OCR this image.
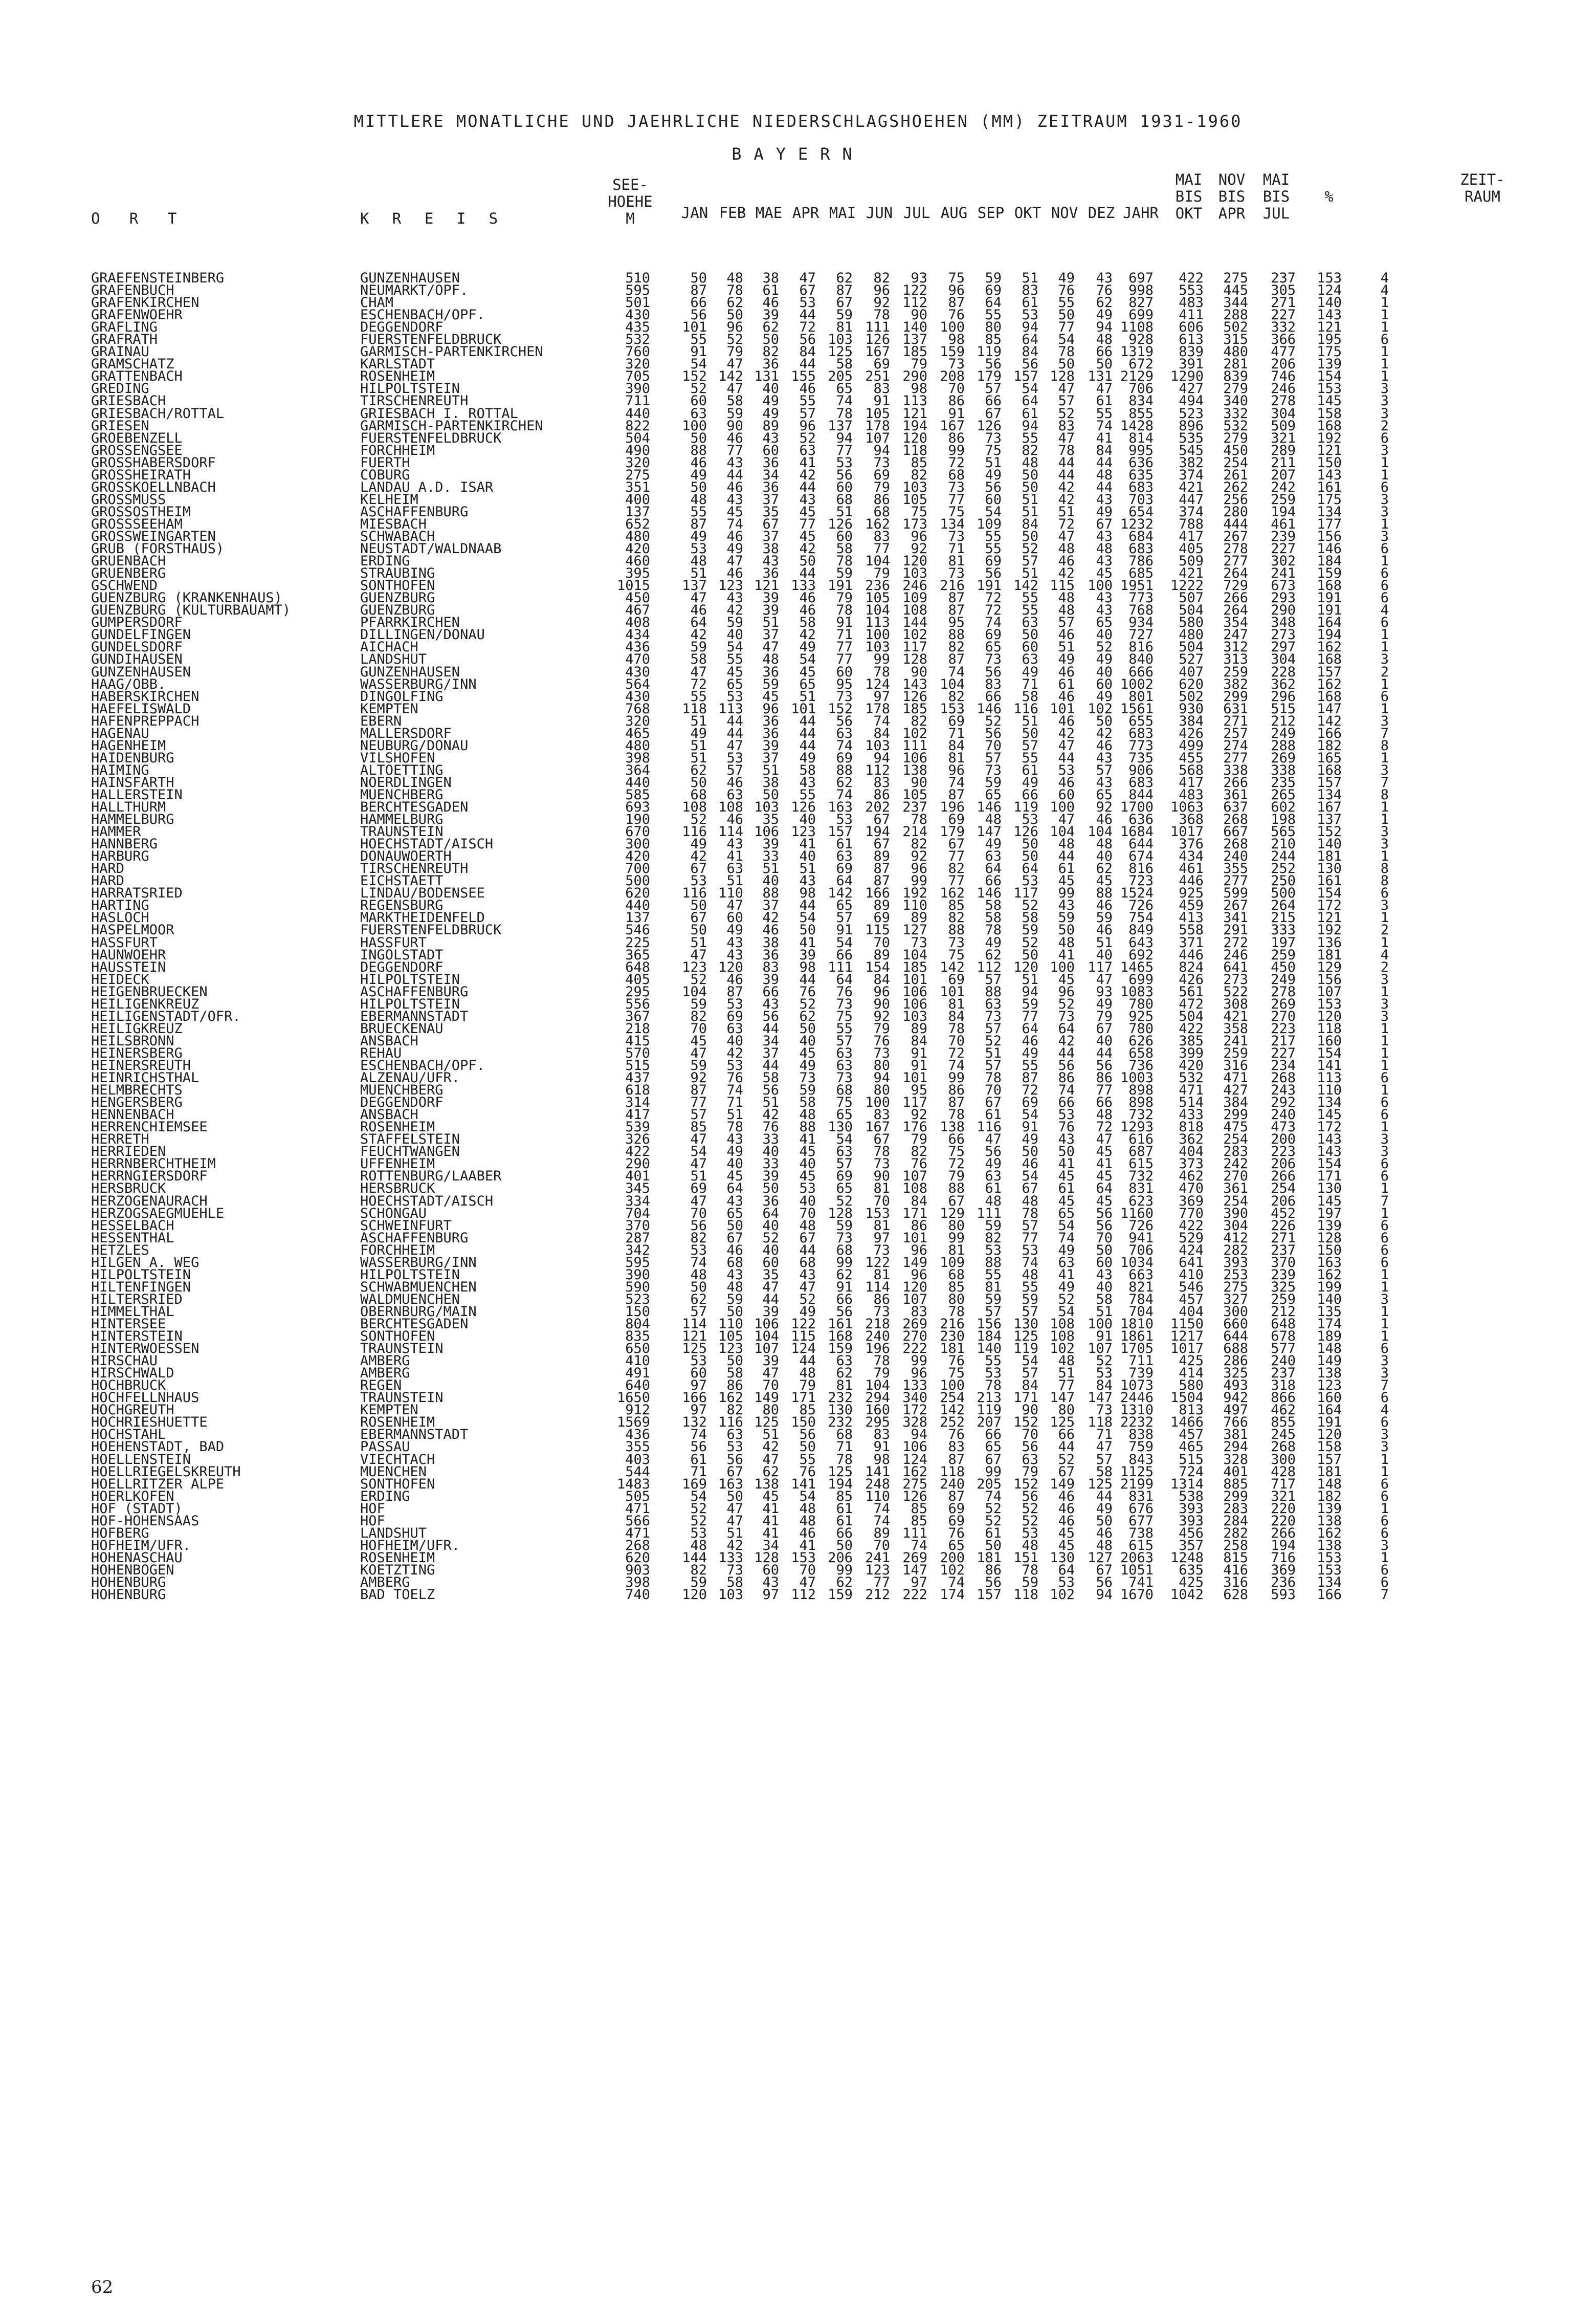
MITTLERE MONATLICHE UND JAEHRLICHE NIEDERSCHLAGSHOEHEN (MM) ZEITRAUM 1931-1960
BAYERN
O R T	K R E I S
SEE-
HOEHE
M	JAN FEB MAE APR MAI JUN JUL AUG SEP OKT NOV DEZ JAHR
MAI
BIS
OKT
NOV
BIS
APR
MAI
BIS
JUL
%
ZEIT-
RAUM
GRAEFENSTEINBERG	GUNZENHAUSEN	510	50 48 38 47 62 82 93 75 59 51 49 43 697 422 275 237 153	4
GRAFENBUCH	NEUMARKT/OPF.	595	87 78 61 67 87 96 122 96 69 83 76 76 998 553 445 305 124	4
GRAFENKIRCHEN	CHAM	501	66 62 46 53 67 92 112 87 64 61 55 62 827 483 344 271 140	1
GRAFENWOEHR	ESCHENBACH/OPF.	430	56 50 39 44 59 78 90 76 55 53 50 49 699 411 288 227 143	1
GRAFLING	DEGGENDORF	435 101 96 62 72 81 111 140 100 80 94 77 94 1108 606 502 332 121	1
GRAFRATH	FUERSTENFELDBRUCK	532	55 52 50 56 103 126 137 98 85 64 54 48 928 613 315 366 195	6
GRAINAU	GARMISCH-PARTENKIRCHEN	760	91 79 82 84 125 167 185 159 119 84 78 66 1319 839 480 477 175	1
GRAMSCHATZ	KARLSTADT	320	54 47 36 44 58 69 79 73 56 56 50 50 672 391 281 206 139	1
GRATTENBACH	ROSENHEIM	705 152 142 131 155 205 251 290 208 179 157 128 131 2129 1290 839 746 154	1
GREDING	HILPOLTSTEIN	390	52 47 40 46 65 83 98 70 57 54 47 47 706 427 279 246 153	3
GRIESBACH	TIRSCHENREUTH	711	60 58 49 55 74 91 113 86 66 64 57 61 834 494 340 278 145	3
GRIESBACH/ROTTAL	GRIESBACH I. ROTTAL	440	63 59 49 57 78 105 121 91 67 61 52 55 855 523 332 304 158	3
GRIESEN	GARMISCH-PARTENKIRCHEN	822 100 90 89 96 137 178 194 167 126 94 83 74 1428 896 532 509 168	2
GROEBENZELL	FUERSTENFELDBRUCK	504	50 46 43 52 94 107 120 86 73 55 47 41 814 535 279 321 192	6
GROSSENGSEE	FORCHHEIM	490	88 77 60 63 77 94 118 99 75 82 78 84 995 545 450 289 121	3
GROSSHABERSDORF	FUERTH	320	46 43 36 41 53 73 85 72 51 48 44 44 636 382 254 211 150	1
GROSSHEIRATH	COBURG	275	49 44 34 42 56 69 82 68 49 50 44 48 635 374 261 207 143	1
GROSSKOELLNBACH	LANDAU A.D. ISAR	351	50 46 36 44 60 79 103 73 56 50 42 44 683 421 262 242 161	6
GROSSMUSS	KELHEIM	400	48 43 37 43 68 86 105 77 60 51 42 43 703 447 256 259 175	3
GROSSOSTHEIM	ASCHAFFENBURG	137	55 45 35 45 51 68 75 75 54 51 51 49 654 374 280 194 134	3
GROSSSEEHAM	MIESBACH	652	87 74 67 77 126 162 173 134 109 84 72 67 1232 788 444 461 177	1
GROSSWEINGARTEN	SCHWABACH	480	49 46 37 45 60 83 96 73 55 50 47 43 684 417 267 239 156	3
GRUB (FORSTHAUS)	NEUSTADT/WALDNAAB	420	53 49 38 42 58 77 92 71 55 52 48 48 683 405 278 227 146	6
GRUENBACH	ERDING	460	48 47 43 50 78 104 120 81 69 57 46 43 786 509 277 302 184	1
GRUENBERG	STRAUBING	395	51 46 36 44 59 79 103 73 56 51 42 45 685 421 264 241 159	6
GSCHWEND	SONTHOFEN	1015 137 123 121 133 191 236 246 216 191 142 115 100 1951 1222 729 673 168	6
GUENZBURG (KRANKENHAUS)	GUENZBURG	450	47 43 39 46 79 105 109 87 72 55 48 43 773 507 266 293 191	6
GUENZBURG (KULTURBAUAMT)	GUENZBURG	467	46 42 39 46 78 104 108 87 72 55 48 43 768 504 264 290 191	4
GUMPERSDORF	PFARRKIRCHEN	408	64 59 51 58 91 113 144 95 74 63 57 65 934 580 354 348 164	6
GUNDELFINGEN	DILLINGEN/DONAU	434	42 40 37 42 71 100 102 88 69 50 46 40 727 480 247 273 194	1
GUNDELSDORF	AICHACH	436	59 54 47 49 77 103 117 82 65 60 51 52 816 504 312 297 162	1
GUNDIHAUSEN	LANDSHUT	470	58 55 48 54 77 99 128 87 73 63 49 49 840 527 313 304 168	3
GUNZENHAUSEN	GUNZENHAUSEN	430	47 45 36 45 60 78 90 74 56 49 46 40 666 407 259 228 157	2
HAAG/OBB.	WASSERBURG/INN	564	72 65 59 65 95 124 143 104 83 71 61 60 1002 620 382 362 162	1
HABERSKIRCHEN	DINGOLFING	430	55 53 45 51 73 97 126 82 66 58 46 49 801 502 299 296 168	6
HAEFELISWALD	KEMPTEN	768 118 113 96 101 152 178 185 153 146 116 101 102 1561 930 631 515 147	1
HAFENPREPPACH	EBERN	320	51 44 36 44 56 74 82 69 52 51 46 50 655 384 271 212 142	3
HAGENAU	MALLERSDORF	465	49 44 36 44 63 84 102 71 56 50 42 42 683 426 257 249 166	7
HAGENHEIM	NEUBURG/DONAU	480	51 47 39 44 74 103 111 84 70 57 47 46 773 499 274 288 182	8
HAIDENBURG	VILSHOFEN	398	51 53 37 49 69 94 106 81 57 55 44 43 735 455 277 269 165	1
HAIMING	ALTOETTING	364	62 57 51 58 88 112 138 96 73 61 53 57 906 568 338 338 168	3
HAINSFARTH	NOERDLINGEN	440	50 46 38 43 62 83 90 74 59 49 46 43 683 417 266 235 157	7
HALLERSTEIN	MUENCHBERG	585	68 63 50 55 74 86 105 87 65 66 60 65 844 483 361 265 134	8
HALLTHURM	BERCHTESGADEN	693 108 108 103 126 163 202 237 196 146 119 100 92 1700 1063 637 602 167	1
HAMMELBURG	HAMMELBURG	190	52 46 35 40 53 67 78 69 48 53 47 46 636 368 268 198 137	1
HAMMER	TRAUNSTEIN	670 116 114 106 123 157 194 214 179 147 126 104 104 1684 1017 667 565 152	3
HANNBERG	HOECHSTADT/AISCH	300	49 43 39 41 61 67 82 67 49 50 48 48 644 376 268 210 140	3
HARBURG	DONAUWOERTH	420	42 41 33 40 63 89 92 77 63 50 44 40 674 434 240 244 181	1
HARD	TIRSCHENREUTH	700	67 63 51 51 69 87 96 82 64 64 61 62 816 461 355 252 130	8
HARD	EICHSTAETT	500	53 51 40 43 64 87 99 77 66 53 45 45 723 446 277 250 161	8
HARRATSRIED	LINDAU/BODENSEE	620 116 110 88 98 142 166 192 162 146 117 99 88 1524 925 599 500 154	6
HARTING	REGENSBURG	440	50 47 37 44 65 89 110 85 58 52 43 46 726 459 267 264 172	3
HASLOCH	MARKTHEIDENFELD	137	67 60 42 54 57 69 89 82 58 58 59 59 754 413 341 215 121	1
HASPELMOOR	FUERSTENFELDBRUCK	546	50 49 46 50 91 115 127 88 78 59 50 46 849 558 291 333 192	2
HASSFURT	HASSFURT	225	51 43 38 41 54 70 73 73 49 52 48 51 643 371 272 197 136	1
HAUNWOEHR	INGOLSTADT	365	47 43 36 39 66 89 104 75 62 50 41 40 692 446 246 259 181	4
HAUSSTEIN	DEGGENDORF	648 123 120 83 98 111 154 185 142 112 120 100 117 1465 824 641 450 129	2
HEIDECK	HILPOLTSTEIN	405	52 46 39 44 64 84 101 69 57 51 45 47 699 426 273 249 156	3
HEIGENBRUECKEN	ASCHAFFENBURG	295 104 87 66 76 76 96 106 101 88 94 96 93 1083 561 522 278 107	1
HEILIGENKREUZ	HILPOLTSTEIN	556	59 53 43 52 73 90 106 81 63 59 52 49 780 472 308 269 153	3
HEILIGENSTADT/OFR.	EBERMANNSTADT	367	82 69 56 62 75 92 103 84 73 77 73 79 925 504 421 270 120	3
HEILIGKREUZ	BRUECKENAU	218	70 63 44 50 55 79 89 78 57 64 64 67 780 422 358 223 118	1
HEILSBRONN	ANSBACH	415	45 40 34 40 57 76 84 70 52 46 42 40 626 385 241 217 160	1
HEINERSBERG	REHAU	570	47 42 37 45 63 73 91 72 51 49 44 44 658 399 259 227 154	1
HEINERSREUTH	ESCHENBACH/OPF.	515	59 53 44 49 63 80 91 74 57 55 56 56 736 420 316 234 141	1
HEINRICHSTHAL	ALZENAU/UFR.	437	92 76 58 73 73 94 101 99 78 87 86 86 1003 532 471 268 113	6
HELMBRECHTS	MUENCHBERG	618	87 74 56 59 68 80 95 86 70 72 74 77 898 471 427 243 110	1
HENGERSBERG	DEGGENDORF	314	77 71 51 58 75 100 117 87 67 69 66 66 898 514 384 292 134	6
HENNENBACH	ANSBACH	417	57 51 42 48 65 83 92 78 61 54 53 48 732 433 299 240 145	6
HERRENCHIEMSEE	ROSENHEIM	539	85 78 76 88 130 167 176 138 116 91 76 72 1293 818 475 473 172	1
HERRETH	STAFFELSTEIN	326	47 43 33 41 54 67 79 66 47 49 43 47 616 362 254 200 143	3
HERRIEDEN	FEUCHTWANGEN	422	54 49 40 45 63 78 82 75 56 50 50 45 687 404 283 223 143	3
HERRNBERCHTHEIM	UFFENHEIM	290	47 40 33 40 57 73 76 72 49 46 41 41 615 373 242 206 154	6
HERRNGIERSDORF	ROTTENBURG/LAABER	401	51 45 39 45 69 90 107 79 63 54 45 45 732 462 270 266 171	6
HERSBRUCK	HERSBRUCK	345	69 64 50 53 65 81 108 88 61 67 61 64 831 470 361 254 130	1
HERZOGENAURACH	HOECHSTADT/AISCH	334	47 43 36 40 52 70 84 67 48 48 45 45 623 369 254 206 145	7
HERZOGSAEGMUEHLE	SCHONGAU	704	70 65 64 70 128 153 171 129 111 78 65 56 1160 770 390 452 197	1
HESSELBACH	SCHWEINFURT	370	56 50 40 48 59 81 86 80 59 57 54 56 726 422 304 226 139	6
HESSENTHAL	ASCHAFFENBURG	287	82 67 52 67 73 97 101 99 82 77 74 70 941 529 412 271 128	6
HETZLES	FORCHHEIM	342	53 46 40 44 68 73 96 81 53 53 49 50 706 424 282 237 150	6
HILGEN A. WEG	WASSERBURG/INN	595	74 68 60 68 99 122 149 109 88 74 63 60 1034 641 393 370 163	6
HILPOLTSTEIN	HILPOLTSTEIN	390	48 43 35 43 62 81 96 68 55 48 41 43 663 410 253 239 162	1
HILTENFINGEN	SCHWABMUENCHEN	590	50 48 47 47 91 114 120 85 81 55 49 40 821 546 275 325 199	1
HILTERSRIED	WALDMUENCHEN	523	62 59 44 52 66 86 107 80 59 59 52 58 784 457 327 259 140	3
HIMMELTHAL	OBERNBURG/MAIN	150	57 50 39 49 56 73 83 78 57 57 54 51 704 404 300 212 135	1
HINTERSEE	BERCHTESGADEN	804 114 110 106 122 161 218 269 216 156 130 108 100 1810 1150 660 648 174	1
HINTERSTEIN	SONTHOFEN	835 121 105 104 115 168 240 270 230 184 125 108 91 1861 1217 644 678 189	1
HINTERWOESSEN	TRAUNSTEIN	650 125 123 107 124 159 196 222 181 140 119 102 107 1705 1017 688 577 148	6
HIRSCHAU	AMBERG	410	53 50 39 44 63 78 99 76 55 54 48 52 711 425 286 240 149	3
HIRSCHWALD	AMBERG	491	60 58 47 48 62 79 96 75 53 57 51 53 739 414 325 237 138	3
HOCHBRUCK	REGEN	640	97 86 70 79 81 104 133 100 78 84 77 84 1073 580 493 318 123	7
HOCHFELLNHAUS	TRAUNSTEIN	1650 166 162 149 171 232 294 340 254 213 171 147 147 2446 1504 942 866 160	6
HOCHGREUTH	KEMPTEN	912	97 82 80 85 130 160 172 142 119 90 80 73 1310 813 497 462 164	4
HOCHRIESHUETTE	ROSENHEIM	1569 132 116 125 150 232 295 328 252 207 152 125 118 2232 1466 766 855 191	6
HOCHSTAHL	EBERMANNSTADT	436	74 63 51 56 68 83 94 76 66 70 66 71 838 457 381 245 120	3
HOEHENSTADT, BAD	PASSAU	355	56 53 42 50 71 91 106 83 65 56 44 47 759 465 294 268 158	3
HOELLENSTEIN	VIECHTACH	403	61 56 47 55 78 98 124 87 67 63 52 57 843 515 328 300 157	1
HOELLRIEGELSKREUTH	MUENCHEN	544	71 67 62 76 125 141 162 118 99 79 67 58 1125 724 401 428 181	1
HOELLRITZER ALPE	SONTHOFEN	1483 169 163 138 141 194 248 275 240 205 152 149 125 2199 1314 885 717 148	6
HOERLKOFEN	ERDING	505	54 50 45 54 85 110 126 87 74 56 46 44 831 538 299 321 182	6
HOF (STADT)	HOF	471	52 47 41 48 61 74 85 69 52 52 46 49 676 393 283 220 139	1
HOF-HOHENSAAS	HOF	566	52 47 41 48 61 74 85 69 52 52 46 50 677 393 284 220 138	6
HOFBERG	LANDSHUT	471	53 51 41 46 66 89 111 76 61 53 45 46 738 456 282 266 162	6
HOFHEIM/UFR.	HOFHEIM/UFR.	268	48 42 34 41 50 70 74 65 50 48 45 48 615 357 258 194 138	3
HOHENASCHAU	ROSENHEIM	620 144 133 128 153 206 241 269 200 181 151 130 127 2063 1248 815 716 153	1
HOHENBOGEN	KOETZTING	903	82 73 60 70 99 123 147 102 86 78 64 67 1051 635 416 369 153	6
HOHENBURG	AMBERG	398	59 58 43 47 62 77 97 74 56 59 53 56 741 425 316 236 134	6
HOHENBURG	BAD TOELZ	740 120 103 97 112 159 212 222 174 157 118 102 94 1670 1042 628 593 166	7
62
